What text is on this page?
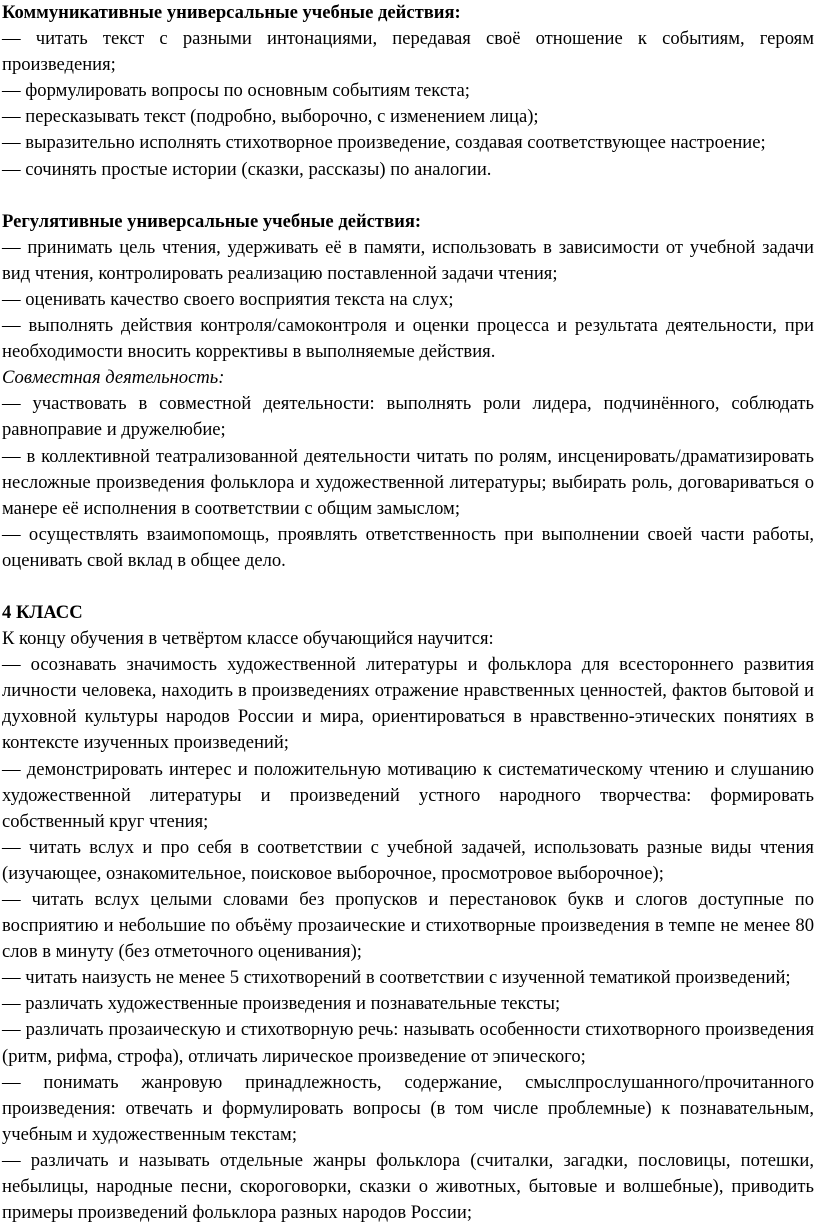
Коммуникативные универсальные учебные действия:

— читать текст с разными интонациями, передавая своё отношение к событиям, героям произведения;

— формулировать вопросы по основным событиям текста;

— пересказывать текст (подробно, выборочно, с изменением лица);

— выразительно исполнять стихотворное произведение, создавая соответствующее настроение;

— сочинять простые истории (сказки, рассказы) по аналогии.

Регулятивные универсальные учебные действия:

— принимать цель чтения, удерживать её в памяти, использовать в зависимости от учебной задачи вид чтения, контролировать реализацию поставленной задачи чтения;

— оценивать качество своего восприятия текста на слух;

— выполнять действия контроля/самоконтроля и оценки процесса и результата деятельности, при необходимости вносить коррективы в выполняемые действия.

Совместная деятельность:

— участвовать в совместной деятельности: выполнять роли лидера, подчинённого, соблюдать равноправие и дружелюбие;

— в коллективной театрализованной деятельности читать по ролям, инсценировать/драматизировать несложные произведения фольклора и художественной литературы; выбирать роль, договариваться о манере её исполнения в соответствии с общим замыслом;

— осуществлять взаимопомощь, проявлять ответственность при выполнении своей части работы, оценивать свой вклад в общее дело.

4 КЛАСС

К концу обучения в четвёртом классе обучающийся научится:

— осознавать значимость художественной литературы и фольклора для всестороннего развития личности человека, находить в произведениях отражение нравственных ценностей, фактов бытовой и духовной культуры народов России и мира, ориентироваться в нравственно-этических понятиях в контексте изученных произведений;

— демонстрировать интерес и положительную мотивацию к систематическому чтению и слушанию художественной литературы и произведений устного народного творчества: формировать собственный круг чтения;

— читать вслух и про себя в соответствии с учебной задачей, использовать разные виды чтения (изучающее, ознакомительное, поисковое выборочное, просмотровое выборочное);

— читать вслух целыми словами без пропусков и перестановок букв и слогов доступные по восприятию и небольшие по объёму прозаические и стихотворные произведения в темпе не менее 80 слов в минуту (без отметочного оценивания);

— читать наизусть не менее 5 стихотворений в соответствии с изученной тематикой произведений;

— различать художественные произведения и познавательные тексты;

— различать прозаическую и стихотворную речь: называть особенности стихотворного произведения (ритм, рифма, строфа), отличать лирическое произведение от эпического;

— понимать жанровую принадлежность, содержание, смыслпрослушанного/прочитанного произведения: отвечать и формулировать вопросы (в том числе проблемные) к познавательным, учебным и художественным текстам;

— различать и называть отдельные жанры фольклора (считалки, загадки, пословицы, потешки, небылицы, народные песни, скороговорки, сказки о животных, бытовые и волшебные), приводить примеры произведений фольклора разных народов России;
